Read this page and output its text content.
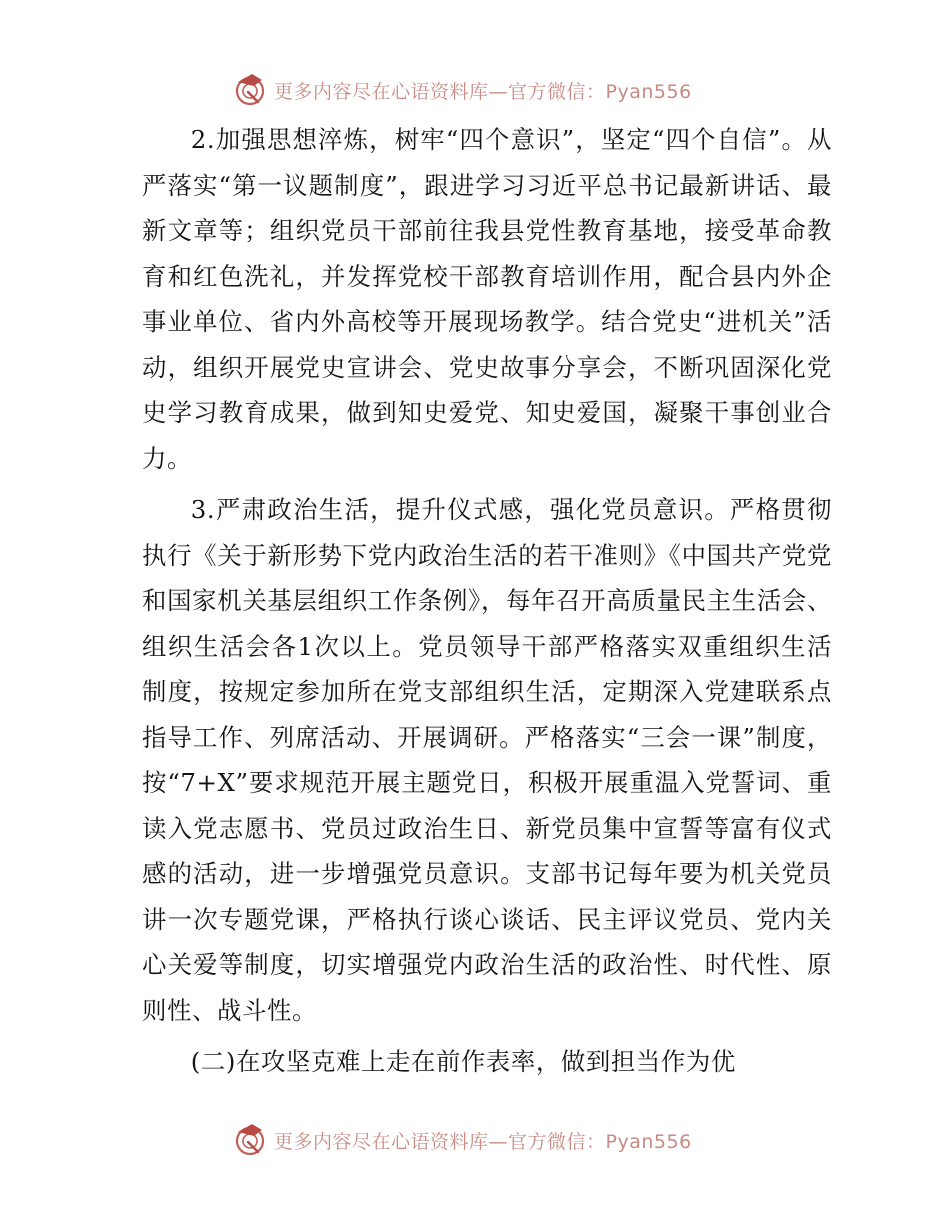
更多内容尽在心语资料库—官方微信：Pyan556

2.加强思想淬炼，树牢“四个意识”，坚定“四个自信”。从严落实“第一议题制度”，跟进学习习近平总书记最新讲话、最新文章等；组织党员干部前往我县党性教育基地，接受革命教育和红色洗礼，并发挥党校干部教育培训作用，配合县内外企事业单位、省内外高校等开展现场教学。结合党史“进机关”活动，组织开展党史宣讲会、党史故事分享会，不断巩固深化党史学习教育成果，做到知史爱党、知史爱国，凝聚干事创业合力。

3.严肃政治生活，提升仪式感，强化党员意识。严格贯彻执行《关于新形势下党内政治生活的若干准则》《中国共产党党和国家机关基层组织工作条例》，每年召开高质量民主生活会、组织生活会各1次以上。党员领导干部严格落实双重组织生活制度，按规定参加所在党支部组织生活，定期深入党建联系点指导工作、列席活动、开展调研。严格落实“三会一课”制度，按“7+X”要求规范开展主题党日，积极开展重温入党誓词、重读入党志愿书、党员过政治生日、新党员集中宣誓等富有仪式感的活动，进一步增强党员意识。支部书记每年要为机关党员讲一次专题党课，严格执行谈心谈话、民主评议党员、党内关心关爱等制度，切实增强党内政治生活的政治性、时代性、原则性、战斗性。

(二)在攻坚克难上走在前作表率，做到担当作为优

更多内容尽在心语资料库—官方微信：Pyan556
